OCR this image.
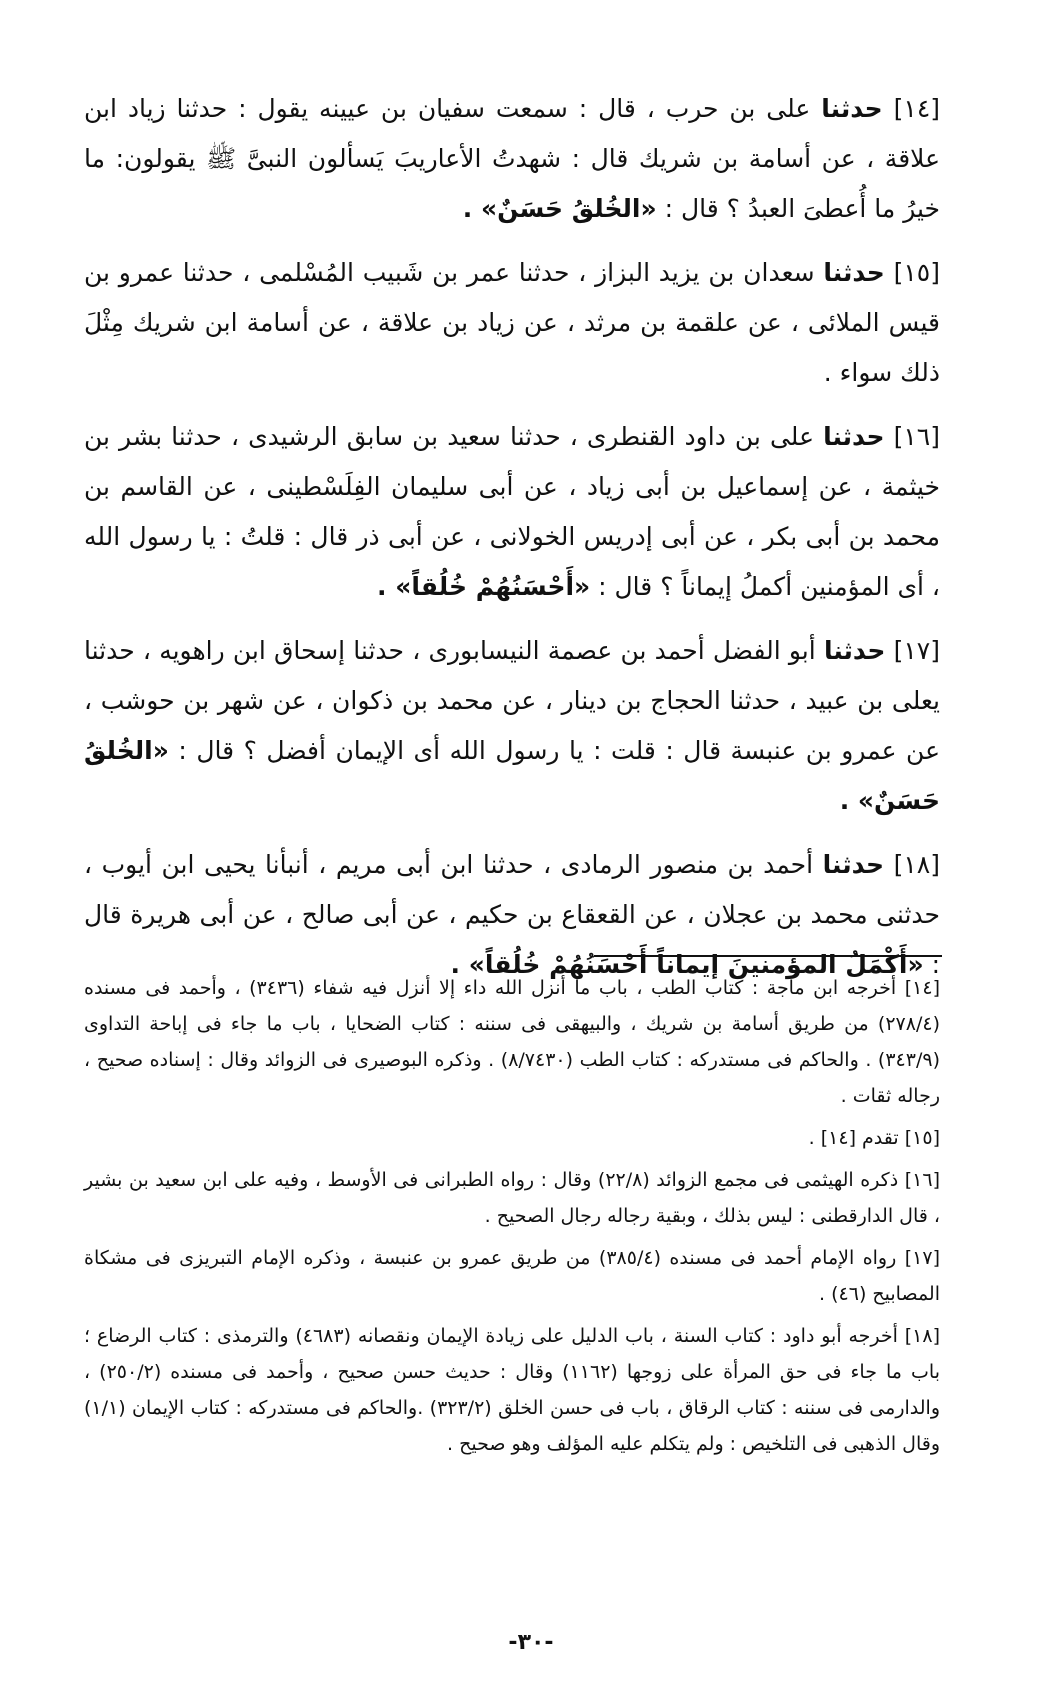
[١٤] حدثنا على بن حرب ، قال : سمعت سفيان بن عيينه يقول : حدثنا زياد ابن علاقة ، عن أسامة بن شريك قال : شهدتُ الأعاريبَ يَسألون النبىَّ ﷺ يقولون: ما خيرُ ما أُعطىَ العبدُ ؟ قال : «الخُلقُ حَسَنٌ» .

[١٥] حدثنا سعدان بن يزيد البزاز ، حدثنا عمر بن شَبيب المُسْلمى ، حدثنا عمرو بن قيس الملائى ، عن علقمة بن مرثد ، عن زياد بن علاقة ، عن أسامة ابن شريك مِثْلَ ذلك سواء .

[١٦] حدثنا على بن داود القنطرى ، حدثنا سعيد بن سابق الرشيدى ، حدثنا بشر بن خيثمة ، عن إسماعيل بن أبى زياد ، عن أبى سليمان الفِلَسْطينى ، عن القاسم بن محمد بن أبى بكر ، عن أبى إدريس الخولانى ، عن أبى ذر قال : قلتُ : يا رسول الله ، أى المؤمنين أكملُ إيماناً ؟ قال : «أَحْسَنُهُمْ خُلُقاً» .

[١٧] حدثنا أبو الفضل أحمد بن عصمة النيسابورى ، حدثنا إسحاق ابن راهويه ، حدثنا يعلى بن عبيد ، حدثنا الحجاج بن دينار ، عن محمد بن ذكوان ، عن شهر بن حوشب ، عن عمرو بن عنبسة قال : قلت : يا رسول الله أى الإيمان أفضل ؟ قال : «الخُلقُ حَسَنٌ» .

[١٨] حدثنا أحمد بن منصور الرمادى ، حدثنا ابن أبى مريم ، أنبأنا يحيى ابن أيوب ، حدثنى محمد بن عجلان ، عن القعقاع بن حكيم ، عن أبى صالح ، عن أبى هريرة قال : «أَكْمَلُ المؤمنينَ إيماناً أَحْسَنُهُمْ خُلُقاً» .

[١٤] أخرجه ابن ماجة : كتاب الطب ، باب ما أنزل الله داء إلا أنزل فيه شفاء (٣٤٣٦) ، وأحمد فى مسنده (٢٧٨/٤) من طريق أسامة بن شريك ، والبيهقى فى سننه : كتاب الضحايا ، باب ما جاء فى إباحة التداوى (٣٤٣/٩) . والحاكم فى مستدركه : كتاب الطب (٨/٧٤٣٠) . وذكره البوصيرى فى الزوائد وقال : إسناده صحيح ، رجاله ثقات .

[١٥] تقدم [١٤] .

[١٦] ذكره الهيثمى فى مجمع الزوائد (٢٢/٨) وقال : رواه الطبرانى فى الأوسط ، وفيه على ابن سعيد بن بشير ، قال الدارقطنى : ليس بذلك ، وبقية رجاله رجال الصحيح .

[١٧] رواه الإمام أحمد فى مسنده (٣٨٥/٤) من طريق عمرو بن عنبسة ، وذكره الإمام التبريزى فى مشكاة المصابيح (٤٦) .

[١٨] أخرجه أبو داود : كتاب السنة ، باب الدليل على زيادة الإيمان ونقصانه (٤٦٨٣) والترمذى : كتاب الرضاع ؛ باب ما جاء فى حق المرأة على زوجها (١١٦٢) وقال : حديث حسن صحيح ، وأحمد فى مسنده (٢٥٠/٢) ، والدارمى فى سننه : كتاب الرقاق ، باب فى حسن الخلق (٣٢٣/٢) .والحاكم فى مستدركه : كتاب الإيمان (١/١) وقال الذهبى فى التلخيص : ولم يتكلم عليه المؤلف وهو صحيح .

-٣٠-
